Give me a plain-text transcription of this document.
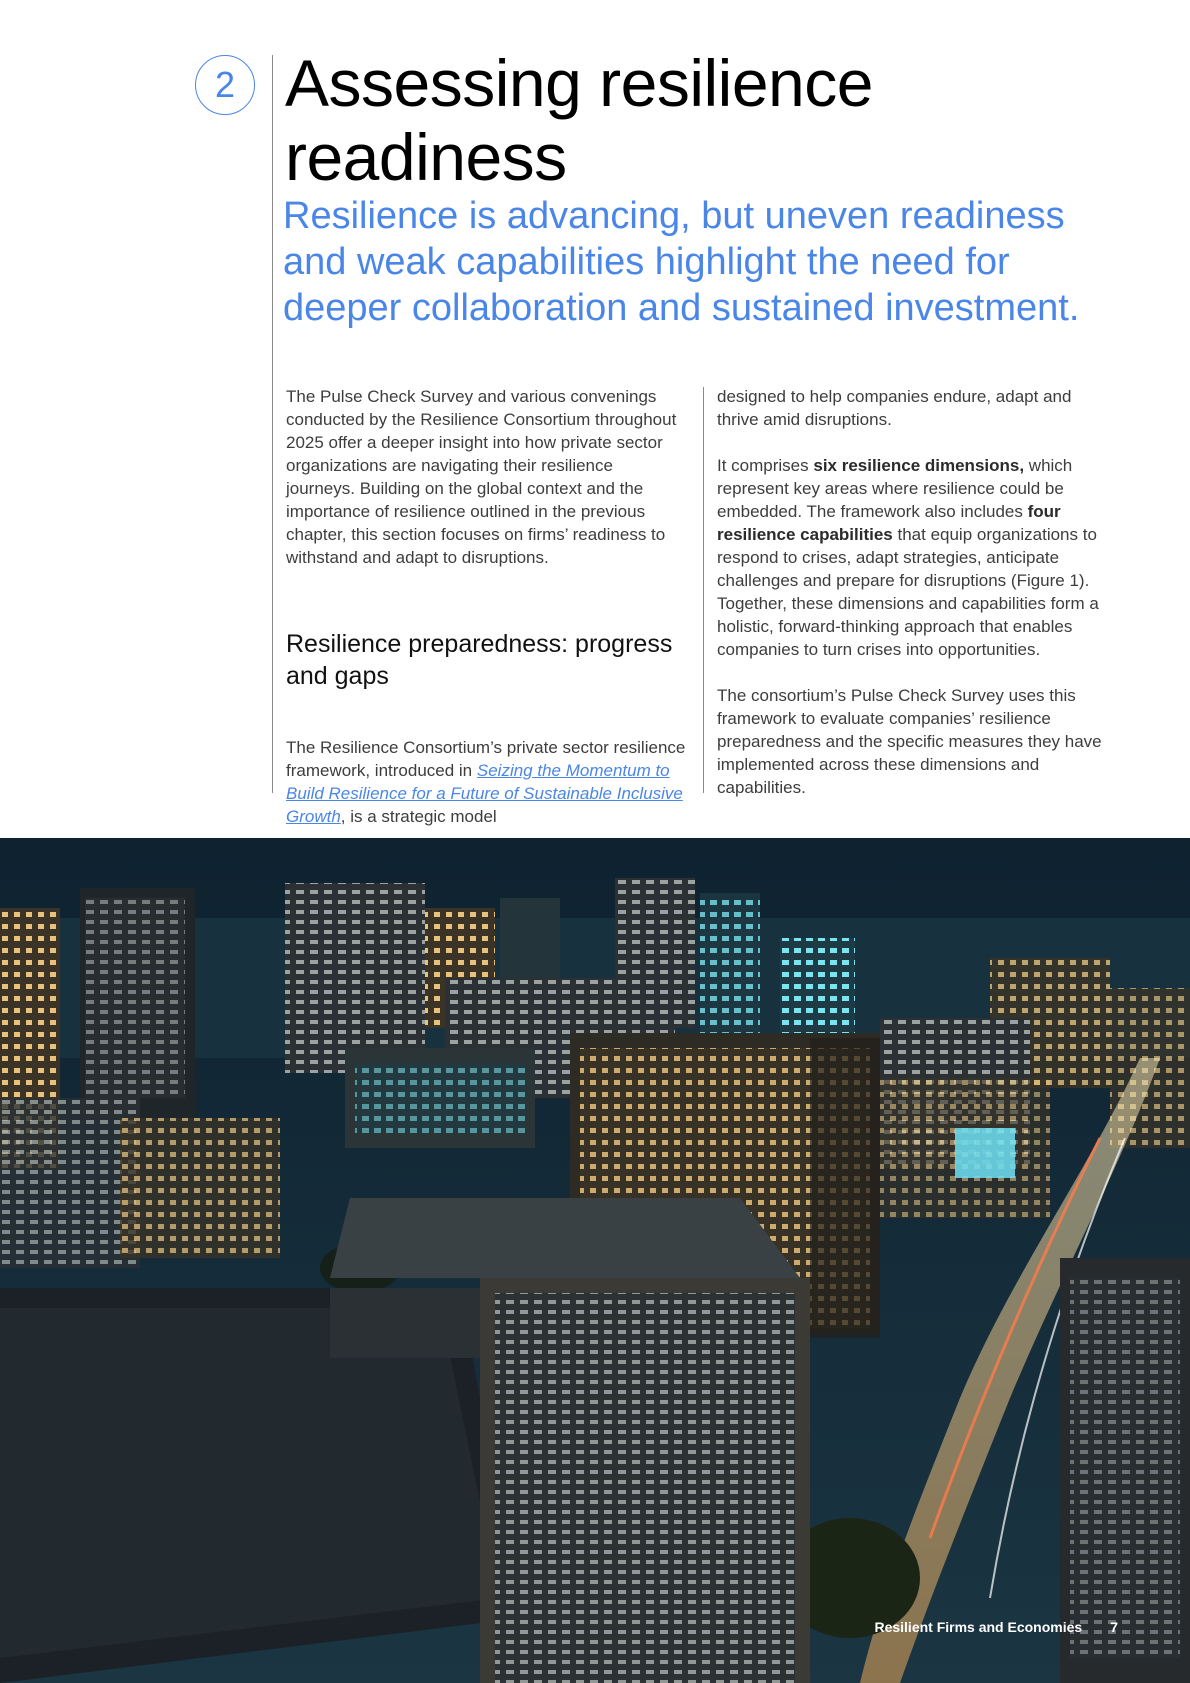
2 Assessing resilience readiness

Resilience is advancing, but uneven readiness and weak capabilities highlight the need for deeper collaboration and sustained investment.

The Pulse Check Survey and various convenings conducted by the Resilience Consortium throughout 2025 offer a deeper insight into how private sector organizations are navigating their resilience journeys. Building on the global context and the importance of resilience outlined in the previous chapter, this section focuses on firms’ readiness to withstand and adapt to disruptions.

Resilience preparedness: progress and gaps

The Resilience Consortium’s private sector resilience framework, introduced in Seizing the Momentum to Build Resilience for a Future of Sustainable Inclusive Growth, is a strategic model

designed to help companies endure, adapt and thrive amid disruptions.

It comprises six resilience dimensions, which represent key areas where resilience could be embedded. The framework also includes four resilience capabilities that equip organizations to respond to crises, adapt strategies, anticipate challenges and prepare for disruptions (Figure 1). Together, these dimensions and capabilities form a holistic, forward-thinking approach that enables companies to turn crises into opportunities.

The consortium’s Pulse Check Survey uses this framework to evaluate companies’ resilience preparedness and the specific measures they have implemented across these dimensions and capabilities.

Resilient Firms and Economies 7
